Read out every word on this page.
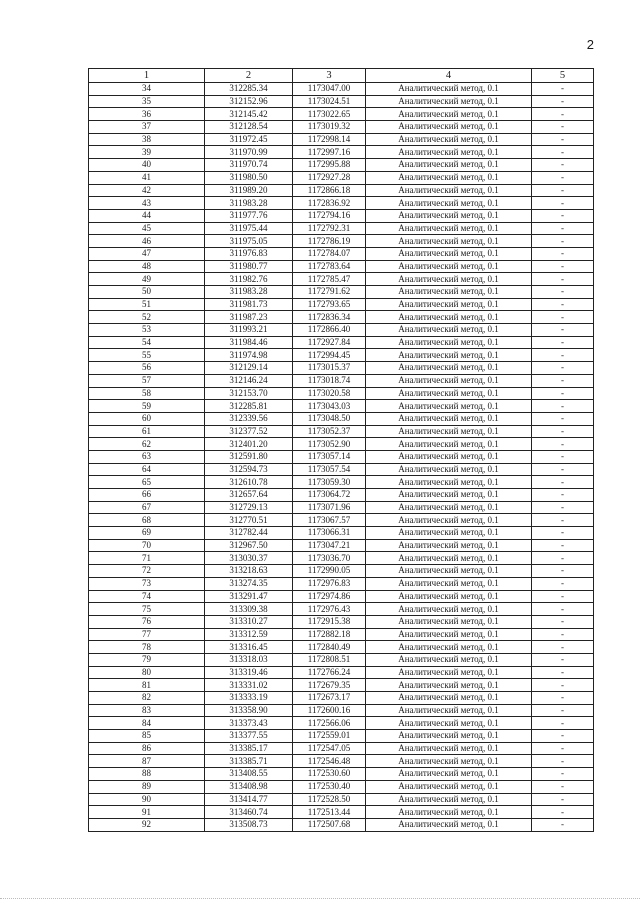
2
1	2	3	4	5
34	312285.34	1173047.00	Аналитический метод, 0.1	-
35	312152.96	1173024.51	Аналитический метод, 0.1	-
36	312145.42	1173022.65	Аналитический метод, 0.1	-
37	312128.54	1173019.32	Аналитический метод, 0.1	-
38	311972.45	1172998.14	Аналитический метод, 0.1	-
39	311970.99	1172997.16	Аналитический метод, 0.1	-
40	311970.74	1172995.88	Аналитический метод, 0.1	-
41	311980.50	1172927.28	Аналитический метод, 0.1	-
42	311989.20	1172866.18	Аналитический метод, 0.1	-
43	311983.28	1172836.92	Аналитический метод, 0.1	-
44	311977.76	1172794.16	Аналитический метод, 0.1	-
45	311975.44	1172792.31	Аналитический метод, 0.1	-
46	311975.05	1172786.19	Аналитический метод, 0.1	-
47	311976.83	1172784.07	Аналитический метод, 0.1	-
48	311980.77	1172783.64	Аналитический метод, 0.1	-
49	311982.76	1172785.47	Аналитический метод, 0.1	-
50	311983.28	1172791.62	Аналитический метод, 0.1	-
51	311981.73	1172793.65	Аналитический метод, 0.1	-
52	311987.23	1172836.34	Аналитический метод, 0.1	-
53	311993.21	1172866.40	Аналитический метод, 0.1	-
54	311984.46	1172927.84	Аналитический метод, 0.1	-
55	311974.98	1172994.45	Аналитический метод, 0.1	-
56	312129.14	1173015.37	Аналитический метод, 0.1	-
57	312146.24	1173018.74	Аналитический метод, 0.1	-
58	312153.70	1173020.58	Аналитический метод, 0.1	-
59	312285.81	1173043.03	Аналитический метод, 0.1	-
60	312339.56	1173048.50	Аналитический метод, 0.1	-
61	312377.52	1173052.37	Аналитический метод, 0.1	-
62	312401.20	1173052.90	Аналитический метод, 0.1	-
63	312591.80	1173057.14	Аналитический метод, 0.1	-
64	312594.73	1173057.54	Аналитический метод, 0.1	-
65	312610.78	1173059.30	Аналитический метод, 0.1	-
66	312657.64	1173064.72	Аналитический метод, 0.1	-
67	312729.13	1173071.96	Аналитический метод, 0.1	-
68	312770.51	1173067.57	Аналитический метод, 0.1	-
69	312782.44	1173066.31	Аналитический метод, 0.1	-
70	312967.50	1173047.21	Аналитический метод, 0.1	-
71	313030.37	1173036.70	Аналитический метод, 0.1	-
72	313218.63	1172990.05	Аналитический метод, 0.1	-
73	313274.35	1172976.83	Аналитический метод, 0.1	-
74	313291.47	1172974.86	Аналитический метод, 0.1	-
75	313309.38	1172976.43	Аналитический метод, 0.1	-
76	313310.27	1172915.38	Аналитический метод, 0.1	-
77	313312.59	1172882.18	Аналитический метод, 0.1	-
78	313316.45	1172840.49	Аналитический метод, 0.1	-
79	313318.03	1172808.51	Аналитический метод, 0.1	-
80	313319.46	1172766.24	Аналитический метод, 0.1	-
81	313331.02	1172679.35	Аналитический метод, 0.1	-
82	313333.19	1172673.17	Аналитический метод, 0.1	-
83	313358.90	1172600.16	Аналитический метод, 0.1	-
84	313373.43	1172566.06	Аналитический метод, 0.1	-
85	313377.55	1172559.01	Аналитический метод, 0.1	-
86	313385.17	1172547.05	Аналитический метод, 0.1	-
87	313385.71	1172546.48	Аналитический метод, 0.1	-
88	313408.55	1172530.60	Аналитический метод, 0.1	-
89	313408.98	1172530.40	Аналитический метод, 0.1	-
90	313414.77	1172528.50	Аналитический метод, 0.1	-
91	313460.74	1172513.44	Аналитический метод, 0.1	-
92	313508.73	1172507.68	Аналитический метод, 0.1	-
